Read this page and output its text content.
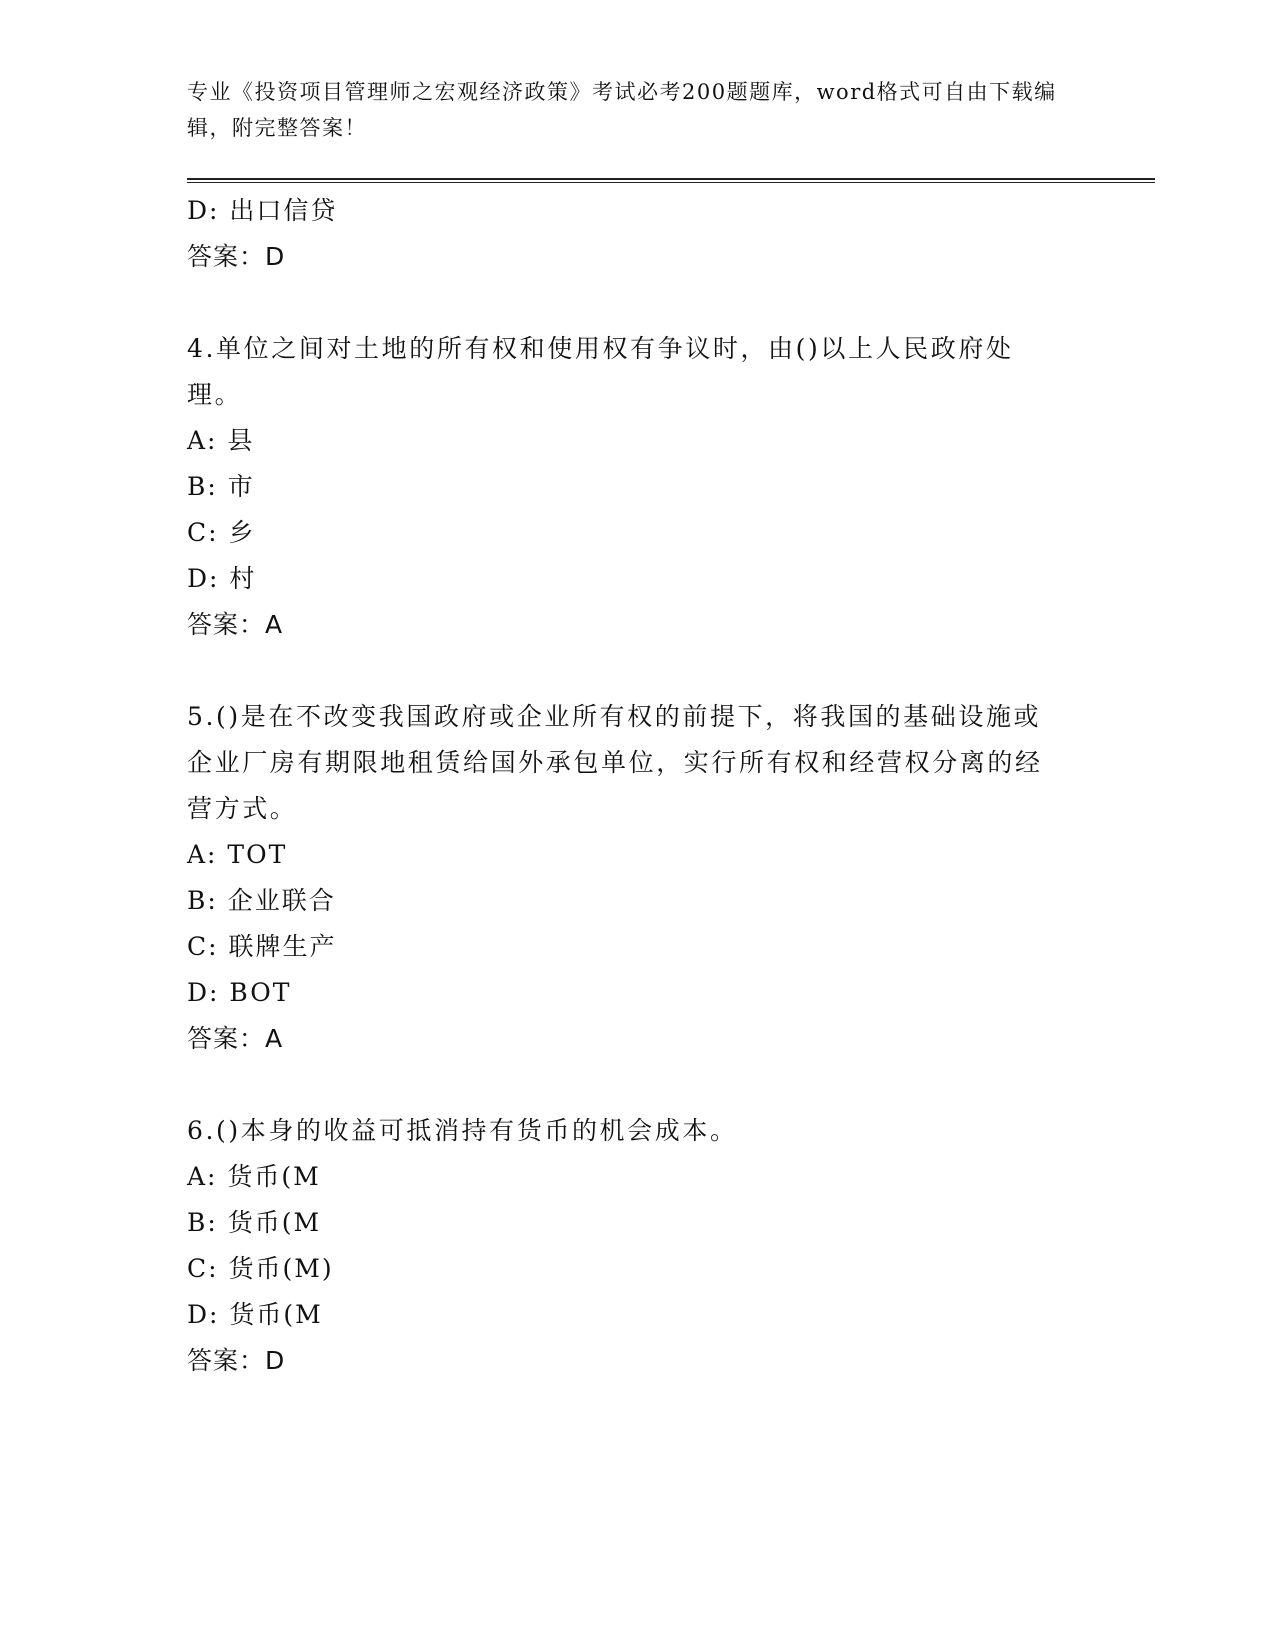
专业《投资项目管理师之宏观经济政策》考试必考200题题库，word格式可自由下载编辑，附完整答案！

D: 出口信贷

答案：D

4.单位之间对土地的所有权和使用权有争议时，由()以上人民政府处理。

A: 县

B: 市

C: 乡

D: 村

答案：A

5.()是在不改变我国政府或企业所有权的前提下，将我国的基础设施或企业厂房有期限地租赁给国外承包单位，实行所有权和经营权分离的经营方式。

A: TOT

B: 企业联合

C: 联牌生产

D: BOT

答案：A

6.()本身的收益可抵消持有货币的机会成本。

A: 货币(M

B: 货币(M

C: 货币(M)

D: 货币(M

答案：D
